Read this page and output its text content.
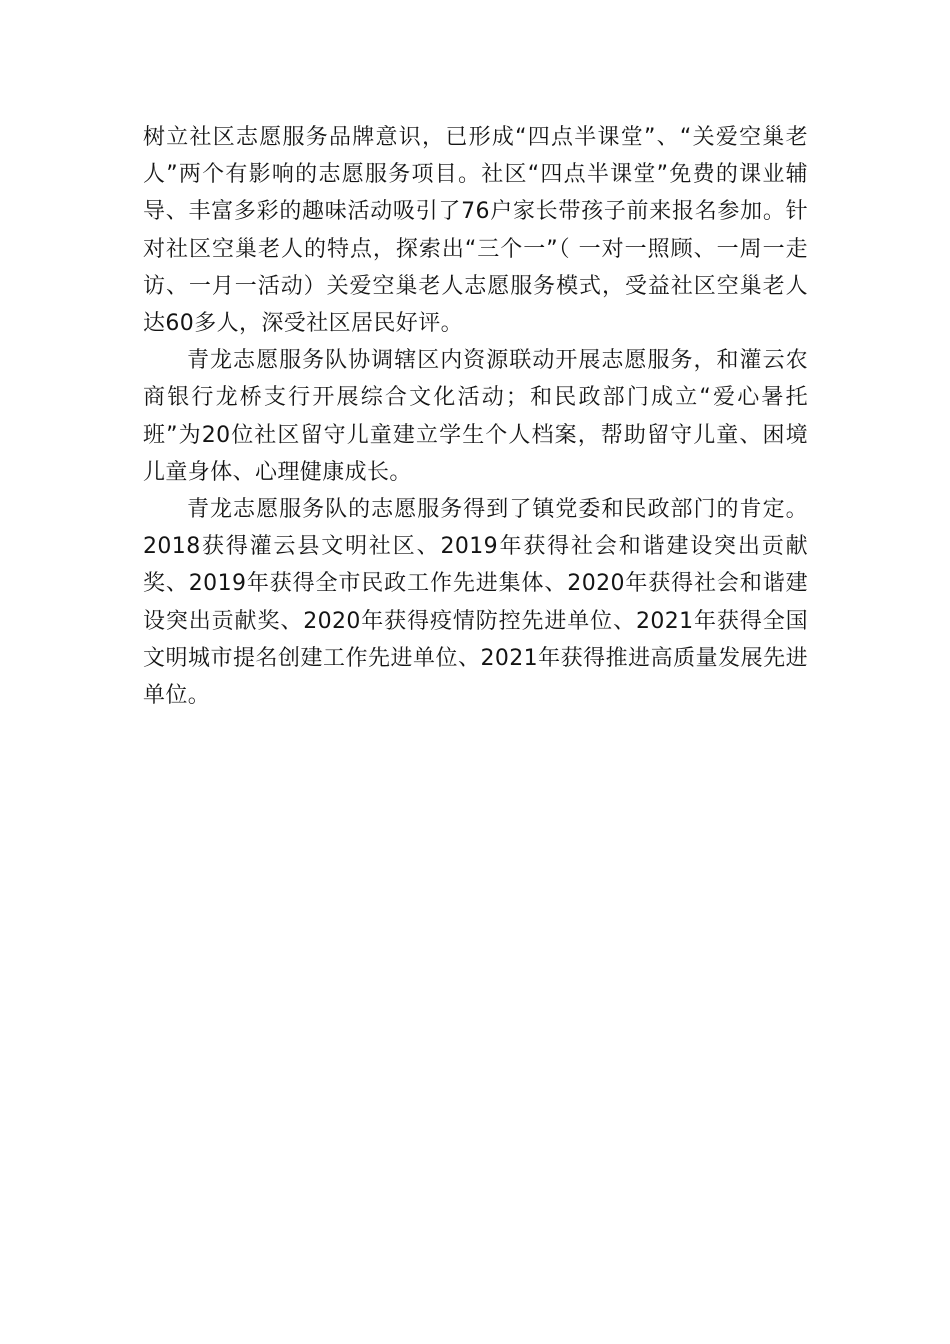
树立社区志愿服务品牌意识，已形成“四点半课堂”、“关爱空巢老人”两个有影响的志愿服务项目。社区“四点半课堂”免费的课业辅导、丰富多彩的趣味活动吸引了76户家长带孩子前来报名参加。针对社区空巢老人的特点，探索出“三个一”（ 一对一照顾、一周一走访、一月一活动）关爱空巢老人志愿服务模式，受益社区空巢老人达60多人，深受社区居民好评。

青龙志愿服务队协调辖区内资源联动开展志愿服务，和灌云农商银行龙桥支行开展综合文化活动；和民政部门成立“爱心暑托班”为20位社区留守儿童建立学生个人档案，帮助留守儿童、困境儿童身体、心理健康成长。

青龙志愿服务队的志愿服务得到了镇党委和民政部门的肯定。2018获得灌云县文明社区、2019年获得社会和谐建设突出贡献奖、2019年获得全市民政工作先进集体、2020年获得社会和谐建设突出贡献奖、2020年获得疫情防控先进单位、2021年获得全国文明城市提名创建工作先进单位、2021年获得推进高质量发展先进单位。
